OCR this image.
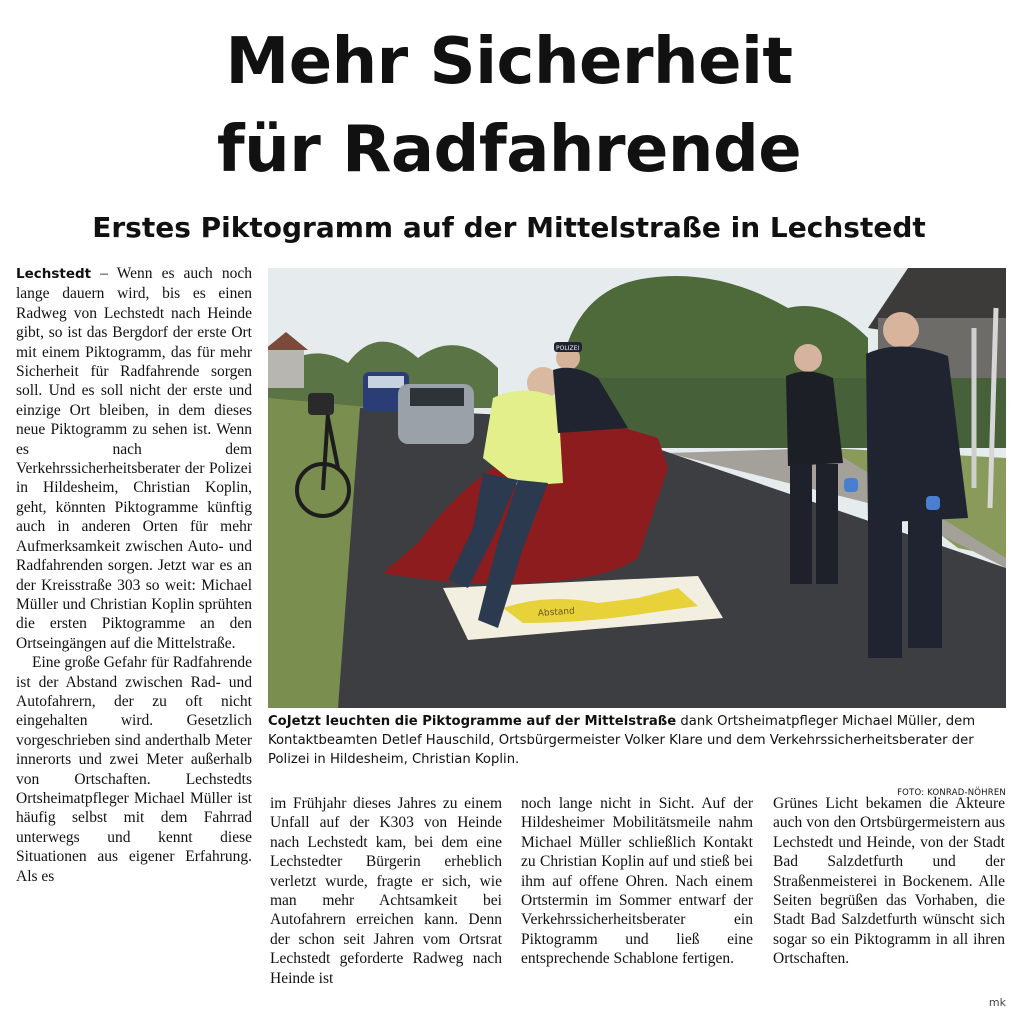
Mehr Sicherheit
für Radfahrende
Erstes Piktogramm auf der Mittelstraße in Lechstedt

Lechstedt – Wenn es auch noch lange dauern wird, bis es einen Radweg von Lechstedt nach Heinde gibt, so ist das Bergdorf der erste Ort mit einem Piktogramm, das für mehr Sicherheit für Radfahrende sorgen soll. Und es soll nicht der erste und einzige Ort bleiben, in dem dieses neue Piktogramm zu sehen ist. Wenn es nach dem Verkehrssicherheitsberater der Polizei in Hildesheim, Christian Koplin, geht, könnten Piktogramme künftig auch in anderen Orten für mehr Aufmerksamkeit zwischen Auto- und Radfahrenden sorgen. Jetzt war es an der Kreisstraße 303 so weit: Michael Müller und Christian Koplin sprühten die ersten Piktogramme an den Ortseingängen auf die Mittelstraße.

Eine große Gefahr für Radfahrende ist der Abstand zwischen Rad- und Autofahrern, der zu oft nicht eingehalten wird. Gesetzlich vorgeschrieben sind anderthalb Meter innerorts und zwei Meter außerhalb von Ortschaften. Lechstedts Ortsheimatpfleger Michael Müller ist häufig selbst mit dem Fahrrad unterwegs und kennt diese Situationen aus eigener Erfahrung. Als es

POLIZEI
Abstand
CoJetzt leuchten die Piktogramme auf der Mittelstraße dank Ortsheimatpfleger Michael Müller, dem Kontaktbeamten Detlef Hauschild, Ortsbürgermeister Volker Klare und dem Verkehrssicherheitsberater der Polizei in Hildesheim, Christian Koplin.
FOTO: KONRAD-NÖHREN
im Frühjahr dieses Jahres zu einem Unfall auf der K303 von Heinde nach Lechstedt kam, bei dem eine Lechstedter Bürgerin erheblich verletzt wurde, fragte er sich, wie man mehr Achtsamkeit bei Autofahrern erreichen kann. Denn der schon seit Jahren vom Ortsrat Lechstedt geforderte Radweg nach Heinde ist
noch lange nicht in Sicht. Auf der Hildesheimer Mobilitätsmeile nahm Michael Müller schließlich Kontakt zu Christian Koplin auf und stieß bei ihm auf offene Ohren. Nach einem Ortstermin im Sommer entwarf der Verkehrssicherheitsberater ein Piktogramm und ließ eine entsprechende Schablone fertigen.
Grünes Licht bekamen die Akteure auch von den Ortsbürgermeistern aus Lechstedt und Heinde, von der Stadt Bad Salzdetfurth und der Straßenmeisterei in Bockenem. Alle Seiten begrüßen das Vorhaben, die Stadt Bad Salzdetfurth wünscht sich sogar so ein Piktogramm in all ihren Ortschaften.
mk
